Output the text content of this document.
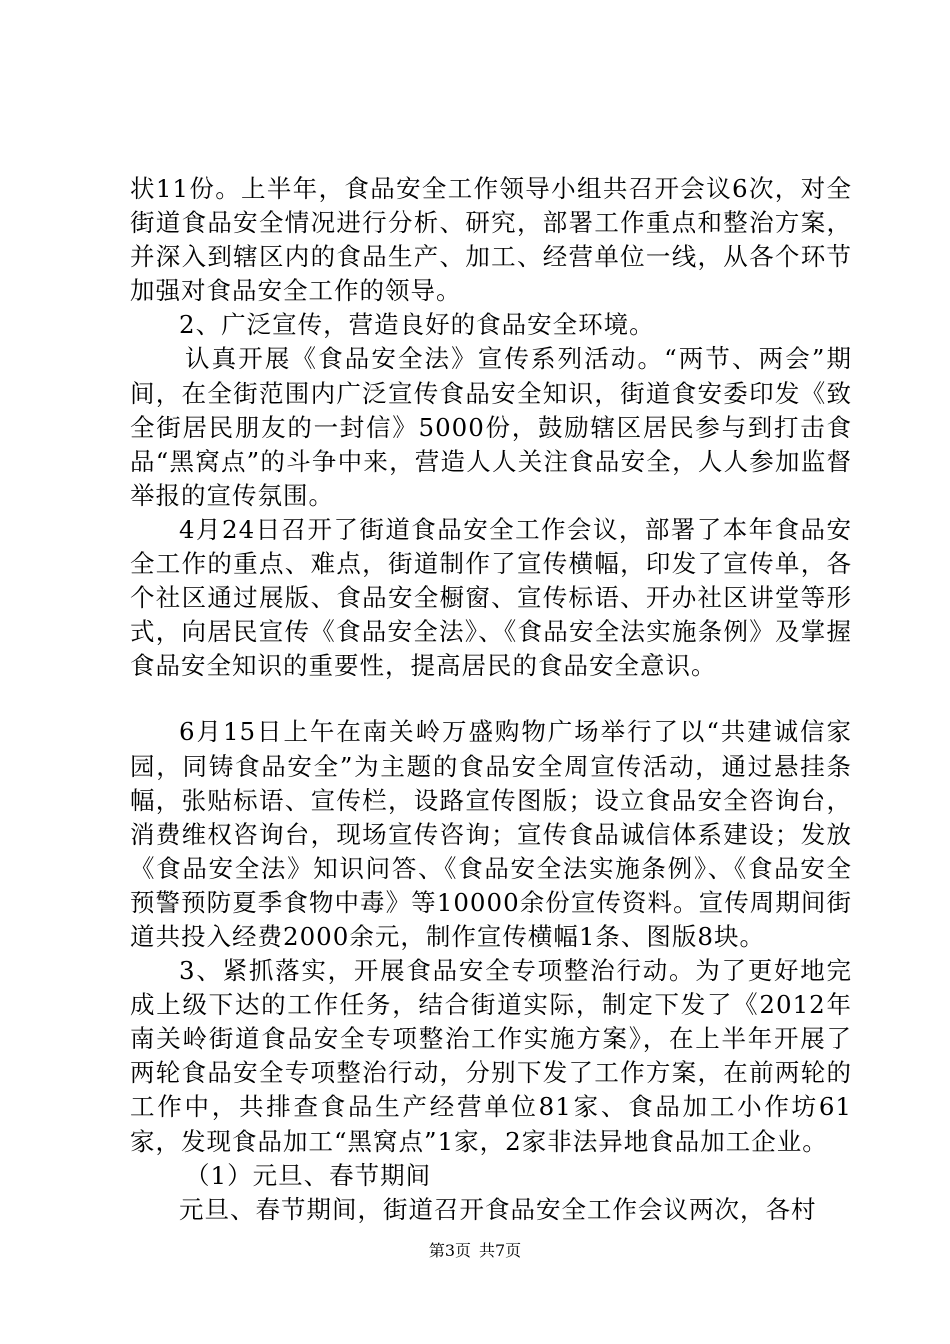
状11份。上半年，食品安全工作领导小组共召开会议6次，对全街道食品安全情况进行分析、研究，部署工作重点和整治方案，并深入到辖区内的食品生产、加工、经营单位一线，从各个环节加强对食品安全工作的领导。

2、广泛宣传，营造良好的食品安全环境。

认真开展《食品安全法》宣传系列活动。“两节、两会”期间，在全街范围内广泛宣传食品安全知识，街道食安委印发《致全街居民朋友的一封信》5000份，鼓励辖区居民参与到打击食品“黑窝点”的斗争中来，营造人人关注食品安全，人人参加监督举报的宣传氛围。

4月24日召开了街道食品安全工作会议，部署了本年食品安全工作的重点、难点，街道制作了宣传横幅，印发了宣传单，各个社区通过展版、食品安全橱窗、宣传标语、开办社区讲堂等形式，向居民宣传《食品安全法》、《食品安全法实施条例》及掌握食品安全知识的重要性，提高居民的食品安全意识。

6月15日上午在南关岭万盛购物广场举行了以“共建诚信家园，同铸食品安全”为主题的食品安全周宣传活动，通过悬挂条幅，张贴标语、宣传栏，设路宣传图版；设立食品安全咨询台，消费维权咨询台，现场宣传咨询；宣传食品诚信体系建设；发放《食品安全法》知识问答、《食品安全法实施条例》、《食品安全预警预防夏季食物中毒》等10000余份宣传资料。宣传周期间街道共投入经费2000余元，制作宣传横幅1条、图版8块。

3、紧抓落实，开展食品安全专项整治行动。为了更好地完成上级下达的工作任务，结合街道实际，制定下发了《2012年南关岭街道食品安全专项整治工作实施方案》，在上半年开展了两轮食品安全专项整治行动，分别下发了工作方案，在前两轮的工作中，共排查食品生产经营单位81家、食品加工小作坊61家，发现食品加工“黑窝点”1家，2家非法异地食品加工企业。

（1）元旦、春节期间

元旦、春节期间，街道召开食品安全工作会议两次，各村

第3页 共7页
